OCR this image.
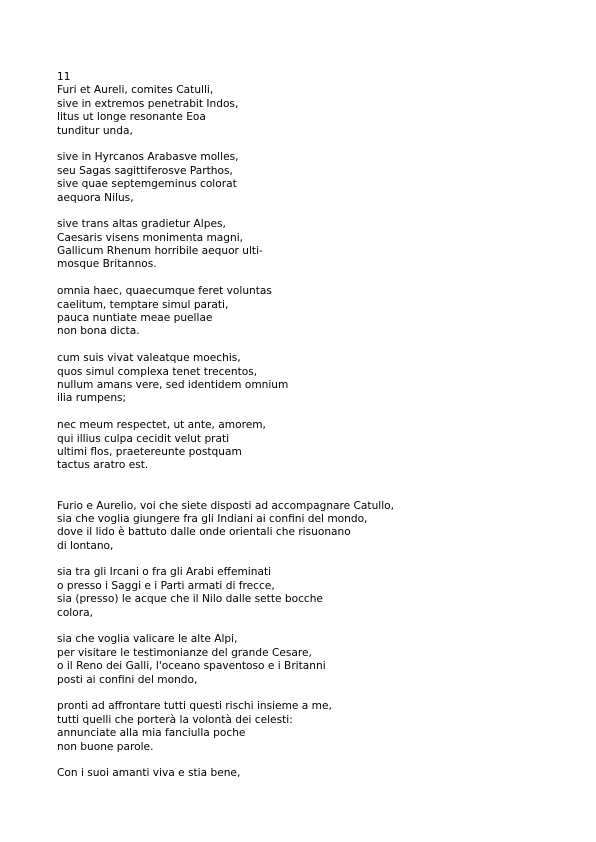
11
Furi et Aureli, comites Catulli,
sive in extremos penetrabit Indos,
litus ut longe resonante Eoa
tunditur unda,
sive in Hyrcanos Arabasve molles,
seu Sagas sagittiferosve Parthos,
sive quae septemgeminus colorat
aequora Nilus,
sive trans altas gradietur Alpes,
Caesaris visens monimenta magni,
Gallicum Rhenum horribile aequor ulti-
mosque Britannos.
omnia haec, quaecumque feret voluntas
caelitum, temptare simul parati,
pauca nuntiate meae puellae
non bona dicta.
cum suis vivat valeatque moechis,
quos simul complexa tenet trecentos,
nullum amans vere, sed identidem omnium
ilia rumpens;
nec meum respectet, ut ante, amorem,
qui illius culpa cecidit velut prati
ultimi flos, praetereunte postquam
tactus aratro est.
Furio e Aurelio, voi che siete disposti ad accompagnare Catullo,
sia che voglia giungere fra gli Indiani ai confini del mondo,
dove il lido è battuto dalle onde orientali che risuonano
di lontano,
sia tra gli Ircani o fra gli Arabi effeminati
o presso i Saggi e i Parti armati di frecce,
sia (presso) le acque che il Nilo dalle sette bocche
colora,
sia che voglia valicare le alte Alpi,
per visitare le testimonianze del grande Cesare,
o il Reno dei Galli, l'oceano spaventoso e i Britanni
posti ai confini del mondo,
pronti ad affrontare tutti questi rischi insieme a me,
tutti quelli che porterà la volontà dei celesti:
annunciate alla mia fanciulla poche
non buone parole.
Con i suoi amanti viva e stia bene,
